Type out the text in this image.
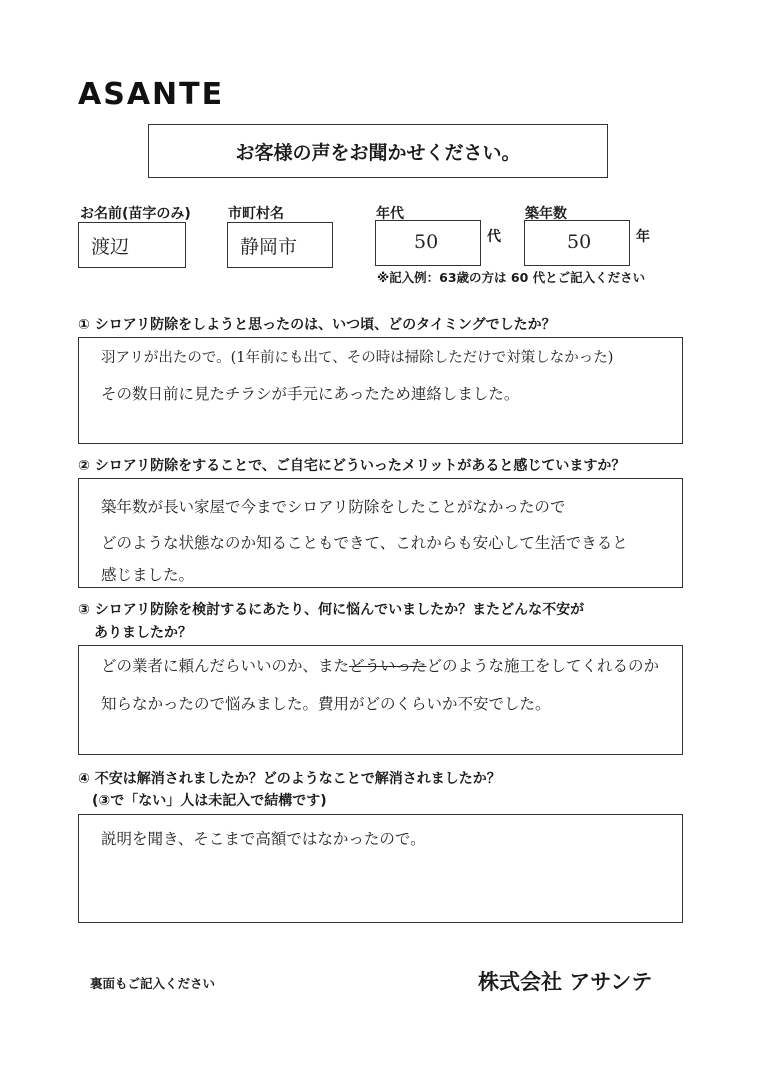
ASANTE
お客様の声をお聞かせください。
お名前(苗字のみ)
渡辺
市町村名
静岡市
年代
50	代
築年数
50	年
※記入例：63歳の方は 60 代とご記入ください
① シロアリ防除をしようと思ったのは、いつ頃、どのタイミングでしたか？
羽アリが出たので。(1年前にも出て、その時は掃除しただけで対策しなかった)
その数日前に見たチラシが手元にあったため連絡しました。
② シロアリ防除をすることで、ご自宅にどういったメリットがあると感じていますか？
築年数が長い家屋で今までシロアリ防除をしたことがなかったので
どのような状態なのか知ることもできて、これからも安心して生活できると
感じました。
③ シロアリ防除を検討するにあたり、何に悩んでいましたか？またどんな不安が
ありましたか？
どの業者に頼んだらいいのか、またどういったどのような施工をしてくれるのか
知らなかったので悩みました。費用がどのくらいか不安でした。
④ 不安は解消されましたか？どのようなことで解消されましたか？
(③で「ない」人は未記入で結構です)
説明を聞き、そこまで高額ではなかったので。
裏面もご記入ください	株式会社 アサンテ
